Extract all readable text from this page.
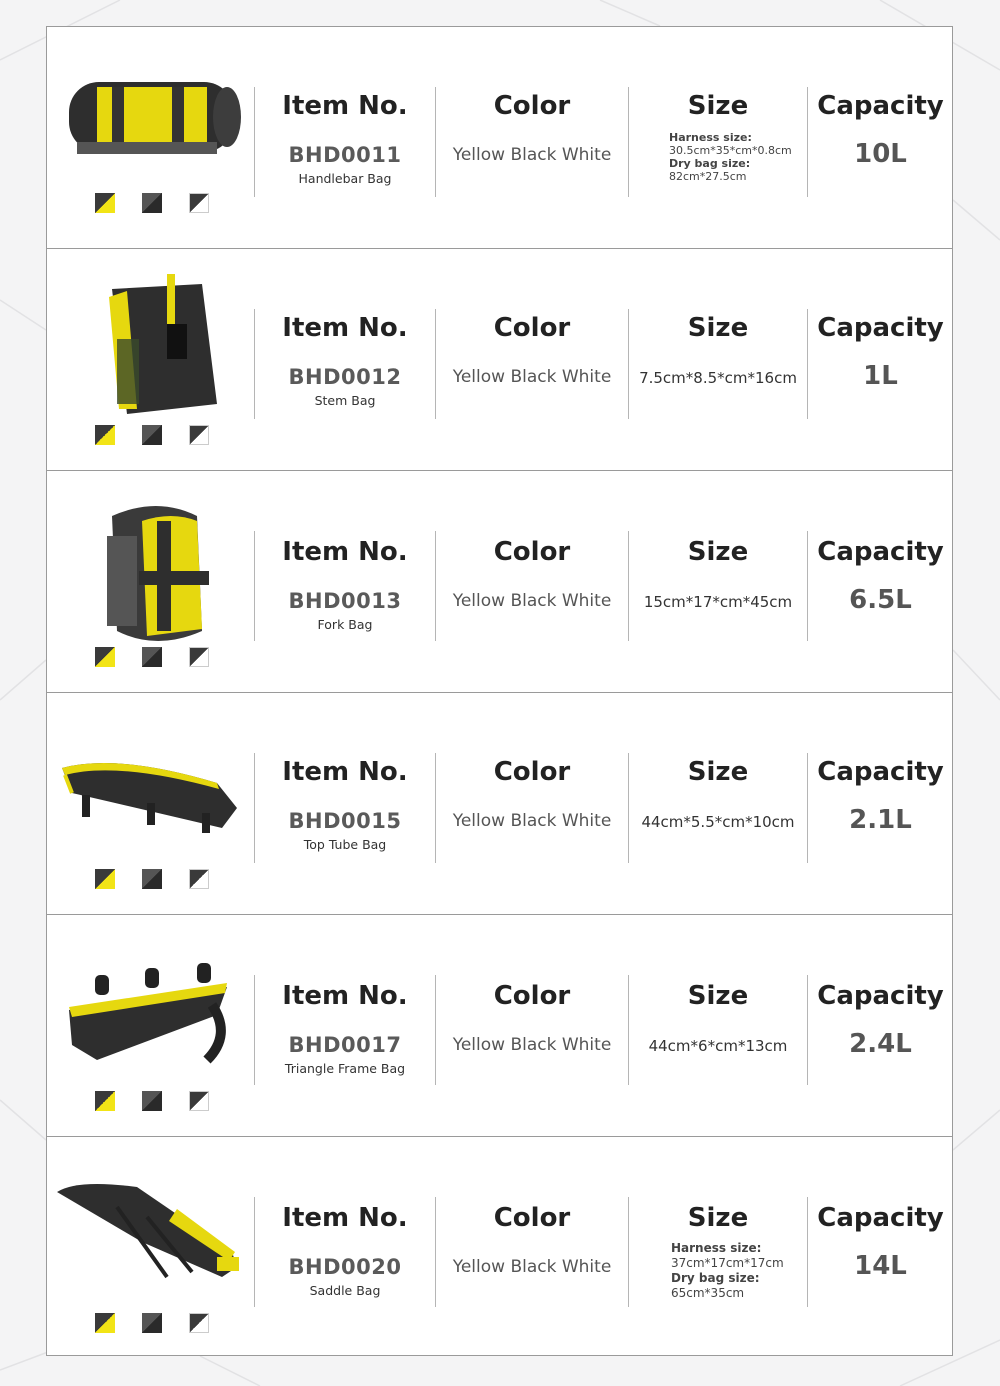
Item No.
BHD0011
Handlebar Bag
Color
Yellow Black White
Size
Harness size:
30.5cm*35*cm*0.8cm
Dry bag size:
82cm*27.5cm
Capacity
10L
Item No.
BHD0012
Stem Bag
Color
Yellow Black White
Size
7.5cm*8.5*cm*16cm
Capacity
1L
Item No.
BHD0013
Fork Bag
Color
Yellow Black White
Size
15cm*17*cm*45cm
Capacity
6.5L
Item No.
BHD0015
Top Tube Bag
Color
Yellow Black White
Size
44cm*5.5*cm*10cm
Capacity
2.1L
Item No.
BHD0017
Triangle Frame Bag
Color
Yellow Black White
Size
44cm*6*cm*13cm
Capacity
2.4L
Item No.
BHD0020
Saddle Bag
Color
Yellow Black White
Size
Harness size:
37cm*17cm*17cm
Dry bag size:
65cm*35cm
Capacity
14L
